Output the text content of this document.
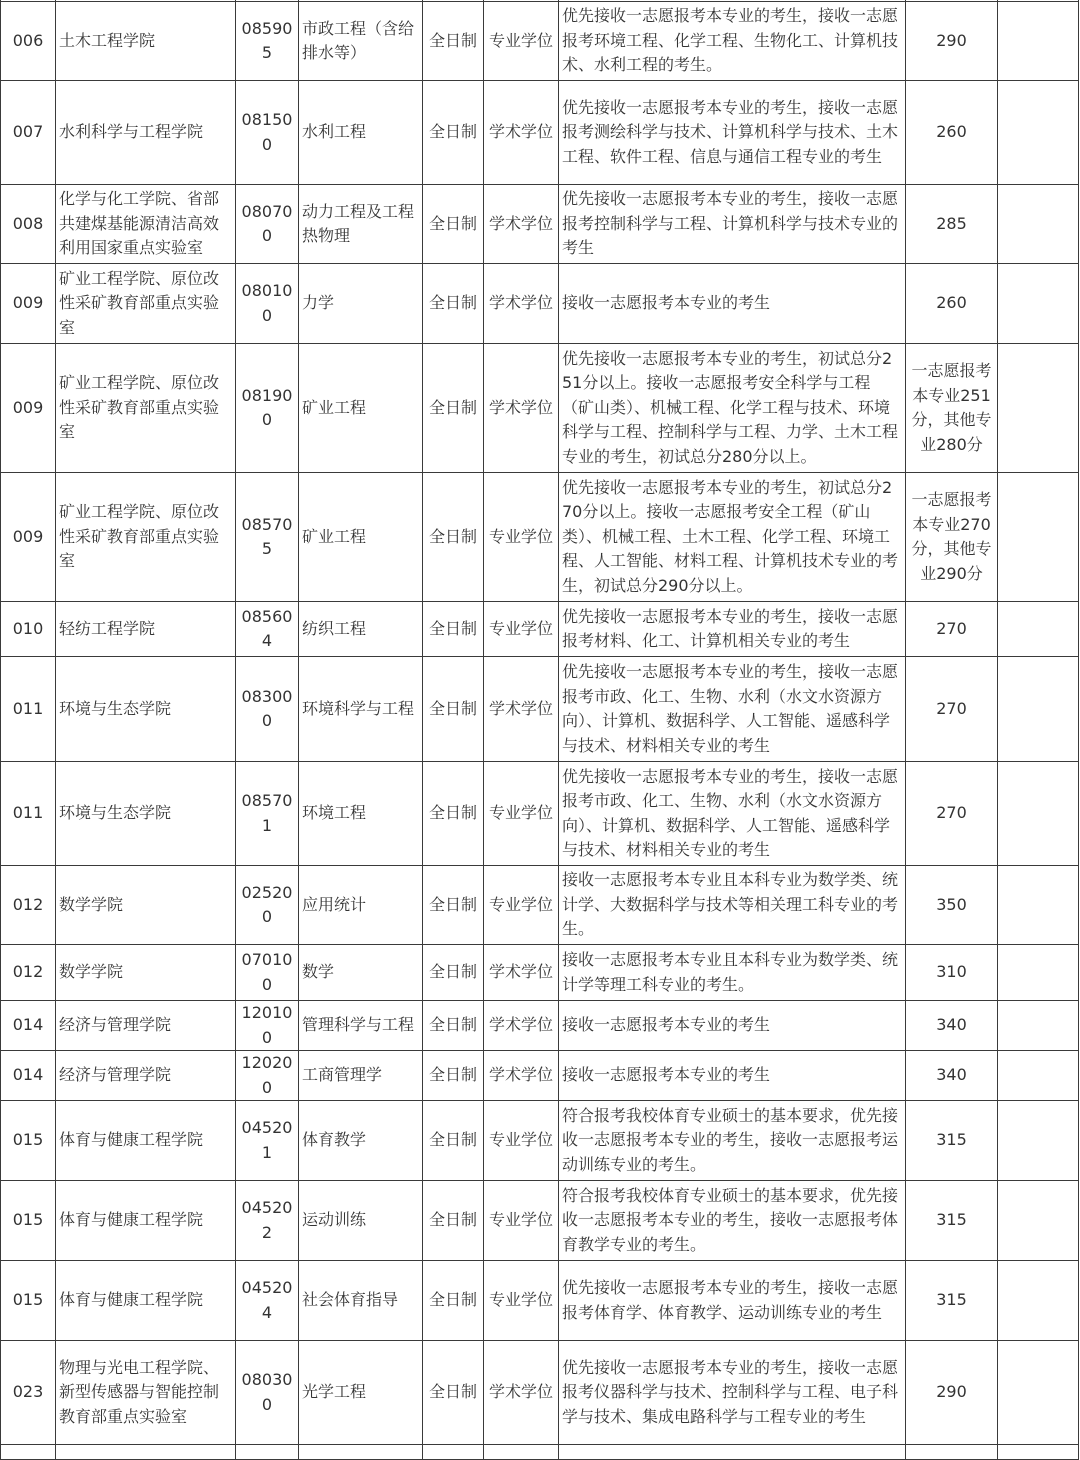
006	土木工程学院	085905	市政工程（含给排水等）	全日制	专业学位	优先接收一志愿报考本专业的考生，接收一志愿报考环境工程、化学工程、生物化工、计算机技术、水利工程的考生。	290	
007	水利科学与工程学院	081500	水利工程	全日制	学术学位	优先接收一志愿报考本专业的考生，接收一志愿报考测绘科学与技术、计算机科学与技术、土木工程、软件工程、信息与通信工程专业的考生	260	
008	化学与化工学院、省部共建煤基能源清洁高效利用国家重点实验室	080700	动力工程及工程热物理	全日制	学术学位	优先接收一志愿报考本专业的考生，接收一志愿报考控制科学与工程、计算机科学与技术专业的考生	285	
009	矿业工程学院、原位改性采矿教育部重点实验室	080100	力学	全日制	学术学位	接收一志愿报考本专业的考生	260	
009	矿业工程学院、原位改性采矿教育部重点实验室	081900	矿业工程	全日制	学术学位	优先接收一志愿报考本专业的考生，初试总分251分以上。接收一志愿报考安全科学与工程（矿山类）、机械工程、化学工程与技术、环境科学与工程、控制科学与工程、力学、土木工程专业的考生，初试总分280分以上。	一志愿报考本专业251分，其他专业280分	
009	矿业工程学院、原位改性采矿教育部重点实验室	085705	矿业工程	全日制	专业学位	优先接收一志愿报考本专业的考生，初试总分270分以上。接收一志愿报考安全工程（矿山类）、机械工程、土木工程、化学工程、环境工程、人工智能、材料工程、计算机技术专业的考生，初试总分290分以上。	一志愿报考本专业270分，其他专业290分	
010	轻纺工程学院	085604	纺织工程	全日制	专业学位	优先接收一志愿报考本专业的考生，接收一志愿报考材料、化工、计算机相关专业的考生	270	
011	环境与生态学院	083000	环境科学与工程	全日制	学术学位	优先接收一志愿报考本专业的考生，接收一志愿报考市政、化工、生物、水利（水文水资源方向）、计算机、数据科学、人工智能、遥感科学与技术、材料相关专业的考生	270	
011	环境与生态学院	085701	环境工程	全日制	专业学位	优先接收一志愿报考本专业的考生，接收一志愿报考市政、化工、生物、水利（水文水资源方向）、计算机、数据科学、人工智能、遥感科学与技术、材料相关专业的考生	270	
012	数学学院	025200	应用统计	全日制	专业学位	接收一志愿报考本专业且本科专业为数学类、统计学、大数据科学与技术等相关理工科专业的考生。	350	
012	数学学院	070100	数学	全日制	学术学位	接收一志愿报考本专业且本科专业为数学类、统计学等理工科专业的考生。	310	
014	经济与管理学院	120100	管理科学与工程	全日制	学术学位	接收一志愿报考本专业的考生	340	
014	经济与管理学院	120200	工商管理学	全日制	学术学位	接收一志愿报考本专业的考生	340	
015	体育与健康工程学院	045201	体育教学	全日制	专业学位	符合报考我校体育专业硕士的基本要求，优先接收一志愿报考本专业的考生，接收一志愿报考运动训练专业的考生。	315	
015	体育与健康工程学院	045202	运动训练	全日制	专业学位	符合报考我校体育专业硕士的基本要求，优先接收一志愿报考本专业的考生，接收一志愿报考体育教学专业的考生。	315	
015	体育与健康工程学院	045204	社会体育指导	全日制	专业学位	优先接收一志愿报考本专业的考生，接收一志愿报考体育学、体育教学、运动训练专业的考生	315	
023	物理与光电工程学院、新型传感器与智能控制教育部重点实验室	080300	光学工程	全日制	学术学位	优先接收一志愿报考本专业的考生，接收一志愿报考仪器科学与技术、控制科学与工程、电子科学与技术、集成电路科学与工程专业的考生	290	
